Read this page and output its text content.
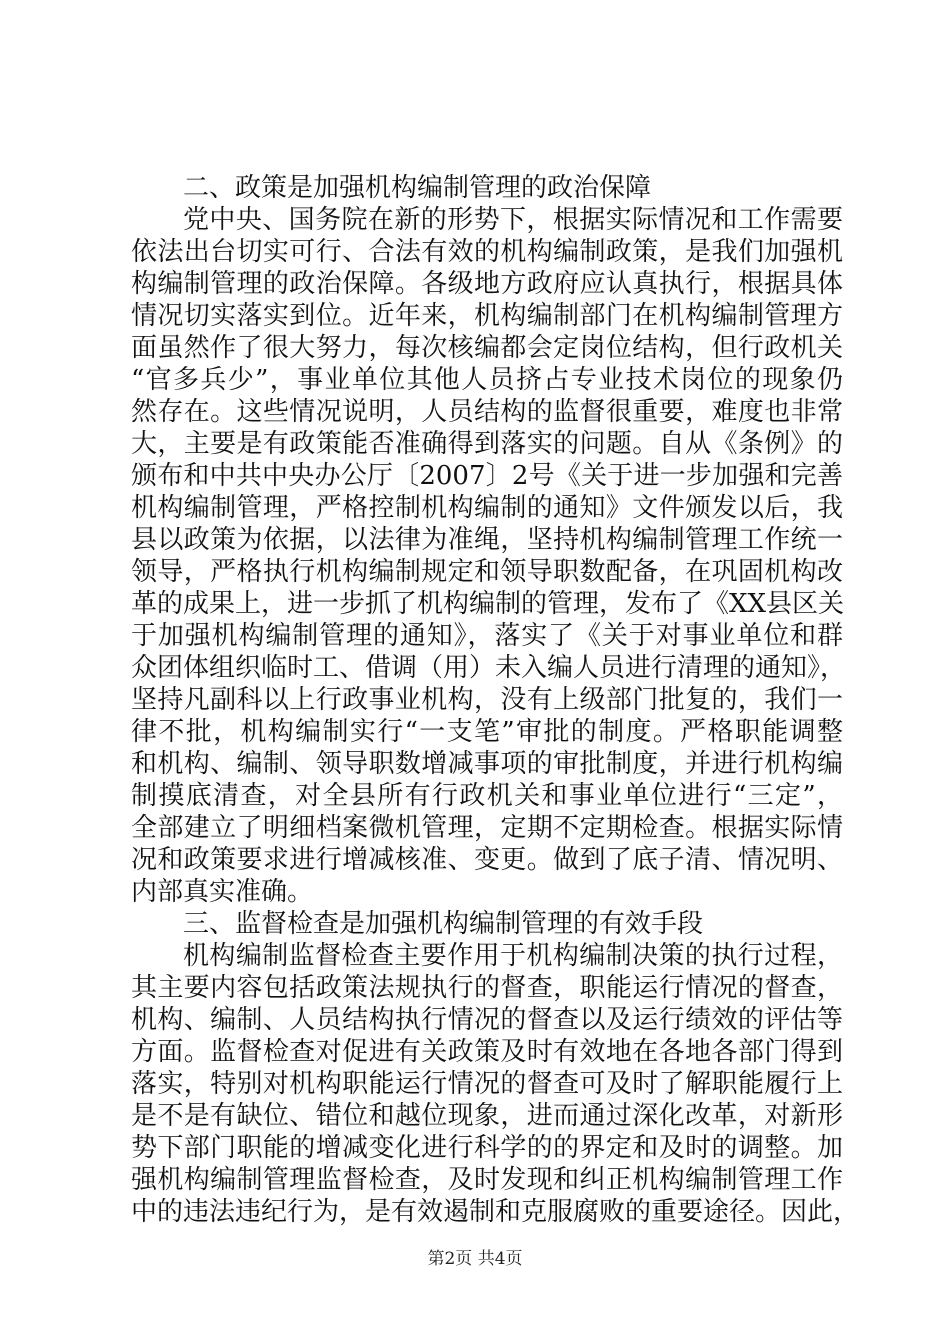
二、政策是加强机构编制管理的政治保障
党中央、国务院在新的形势下，根据实际情况和工作需要
依法出台切实可行、合法有效的机构编制政策，是我们加强机
构编制管理的政治保障。各级地方政府应认真执行，根据具体
情况切实落实到位。近年来，机构编制部门在机构编制管理方
面虽然作了很大努力，每次核编都会定岗位结构，但行政机关
“官多兵少”，事业单位其他人员挤占专业技术岗位的现象仍
然存在。这些情况说明，人员结构的监督很重要，难度也非常
大，主要是有政策能否准确得到落实的问题。自从《条例》的
颁布和中共中央办公厅〔2007〕2号《关于进一步加强和完善
机构编制管理，严格控制机构编制的通知》文件颁发以后，我
县以政策为依据，以法律为准绳，坚持机构编制管理工作统一
领导，严格执行机构编制规定和领导职数配备，在巩固机构改
革的成果上，进一步抓了机构编制的管理，发布了《XX县区关
于加强机构编制管理的通知》，落实了《关于对事业单位和群
众团体组织临时工、借调（用）未入编人员进行清理的通知》，
坚持凡副科以上行政事业机构，没有上级部门批复的，我们一
律不批，机构编制实行“一支笔”审批的制度。严格职能调整
和机构、编制、领导职数增减事项的审批制度，并进行机构编
制摸底清查，对全县所有行政机关和事业单位进行“三定”，
全部建立了明细档案微机管理，定期不定期检查。根据实际情
况和政策要求进行增减核准、变更。做到了底子清、情况明、
内部真实准确。
三、监督检查是加强机构编制管理的有效手段
机构编制监督检查主要作用于机构编制决策的执行过程，
其主要内容包括政策法规执行的督查，职能运行情况的督查，
机构、编制、人员结构执行情况的督查以及运行绩效的评估等
方面。监督检查对促进有关政策及时有效地在各地各部门得到
落实，特别对机构职能运行情况的督查可及时了解职能履行上
是不是有缺位、错位和越位现象，进而通过深化改革，对新形
势下部门职能的增减变化进行科学的的界定和及时的调整。加
强机构编制管理监督检查，及时发现和纠正机构编制管理工作
中的违法违纪行为，是有效遏制和克服腐败的重要途径。因此，
第2页 共4页
